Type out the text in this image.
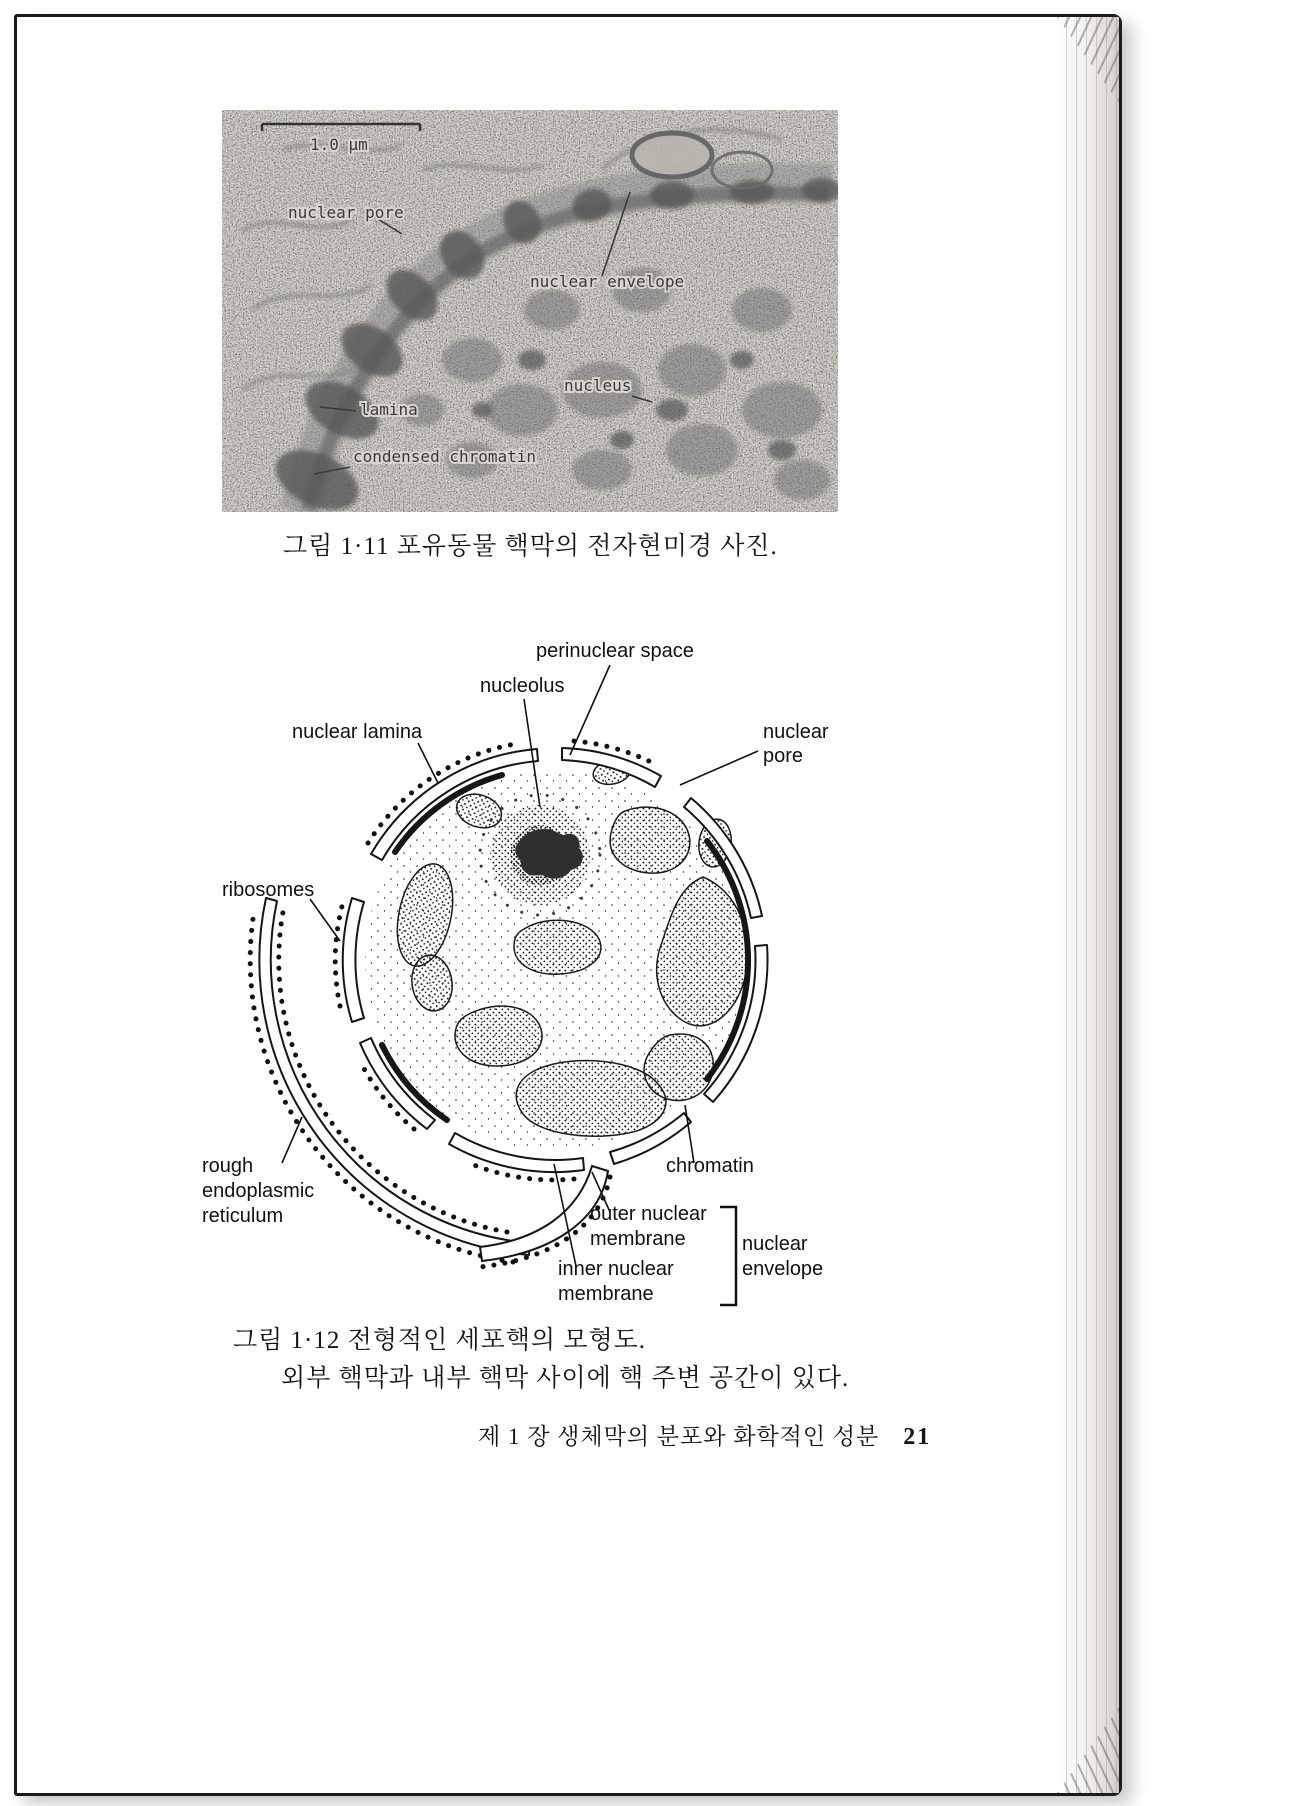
1.0 μm
nuclear pore
nuclear envelope
nucleus
lamina
condensed chromatin
그림 1·11 포유동물 핵막의 전자현미경 사진.
perinuclear space
nucleolus
nuclear lamina	nuclear
pore
ribosomes
rough
endoplasmic
reticulum
chromatin
outer nuclear
membrane
inner nuclear
membrane
nuclear
envelope
그림 1·12 전형적인 세포핵의 모형도.
외부 핵막과 내부 핵막 사이에 핵 주변 공간이 있다.
제 1 장 생체막의 분포와 화학적인 성분 21
